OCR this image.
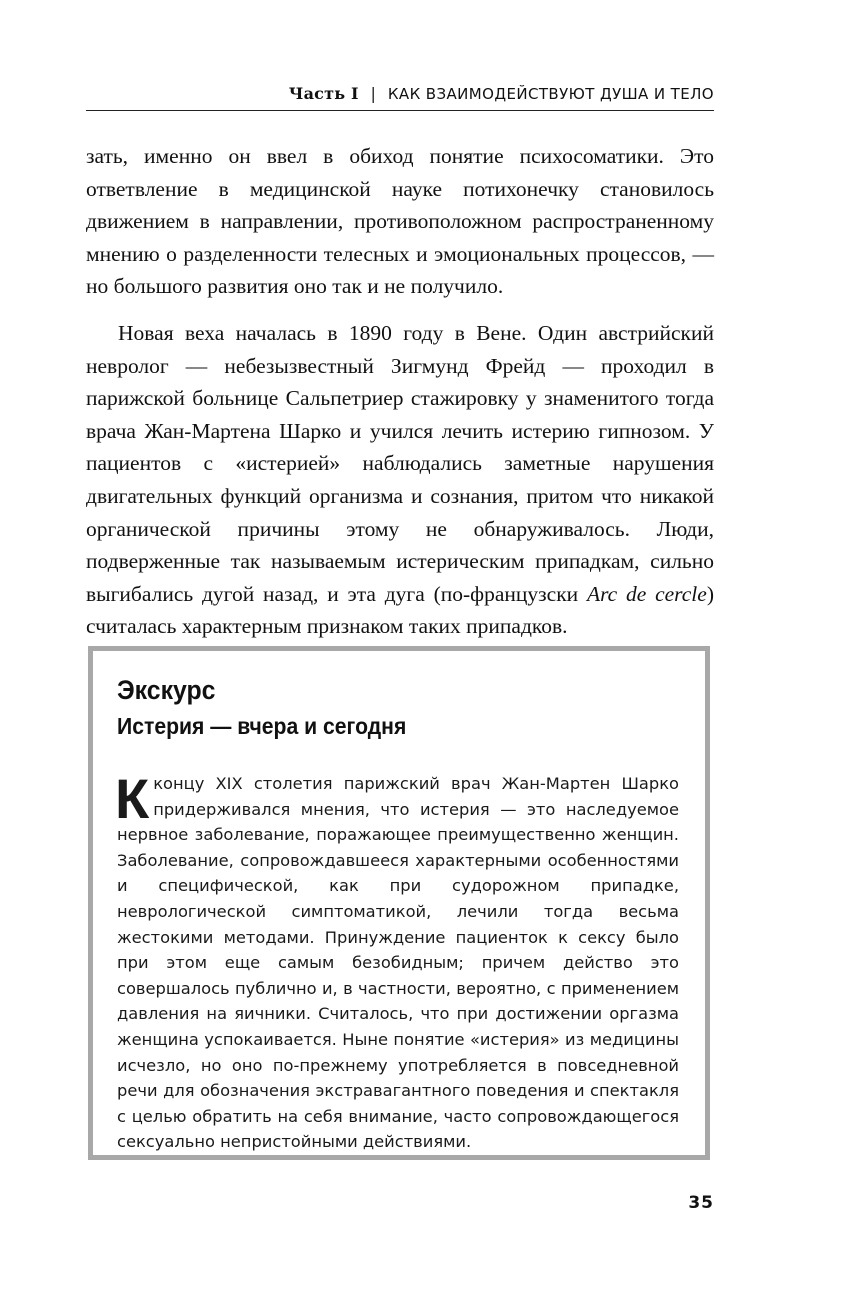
Часть I | КАК ВЗАИМОДЕЙСТВУЮТ ДУША И ТЕЛО

зать, именно он ввел в обиход понятие психосоматики. Это ответвление в медицинской науке потихонечку становилось движением в направлении, противоположном распространенному мнению о разделенности телесных и эмоциональных процессов, — но большого развития оно так и не получило.

Новая веха началась в 1890 году в Вене. Один австрийский невролог — небезызвестный Зигмунд Фрейд — проходил в парижской больнице Сальпетриер стажировку у знаменитого тогда врача Жан-Мартена Шарко и учился лечить истерию гипнозом. У пациентов с «истерией» наблюдались заметные нарушения двигательных функций организма и сознания, притом что никакой органической причины этому не обнаруживалось. Люди, подверженные так называемым истерическим припадкам, сильно выгибались дугой назад, и эта дуга (по-французски Arc de cercle) считалась характерным признаком таких припадков.

Экскурс
Истерия — вчера и сегодня
К концу XIX столетия парижский врач Жан-Мартен Шарко придерживался мнения, что истерия — это наследуемое нервное заболевание, поражающее преимущественно женщин. Заболевание, сопровождавшееся характерными особенностями и специфической, как при судорожном припадке, неврологической симптоматикой, лечили тогда весьма жестокими методами. Принуждение пациенток к сексу было при этом еще самым безобидным; причем действо это совершалось публично и, в частности, вероятно, с применением давления на яичники. Считалось, что при достижении оргазма женщина успокаивается. Ныне понятие «истерия» из медицины исчезло, но оно по-прежнему употребляется в повседневной речи для обозначения экстравагантного поведения и спектакля с целью обратить на себя внимание, часто сопровождающегося сексуально непристойными действиями.
35
